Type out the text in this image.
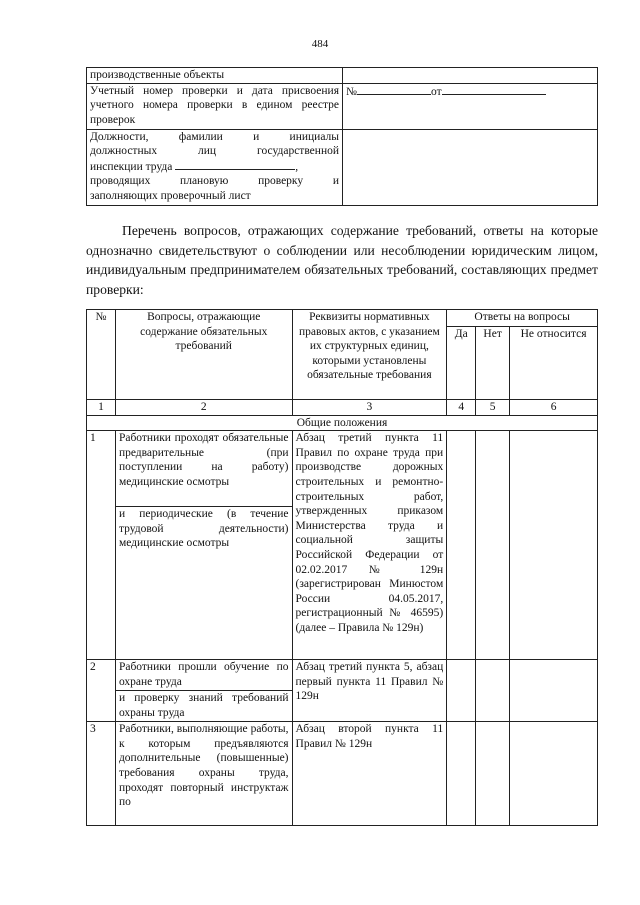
484
производственные объекты	
Учетный номер проверки и дата присвоения учетного номера проверки в едином реестре проверок	№ от

Должности, фамилии и инициалы
должностных лиц государственной
инспекции труда ,
проводящих плановую проверку и
заполняющих проверочный лист	

Перечень вопросов, отражающих содержание требований, ответы на которые однозначно свидетельствуют о соблюдении или несоблюдении юридическим лицом, индивидуальным предпринимателем обязательных требований, составляющих предмет проверки:
№	Вопросы, отражающие содержание обязательных требований	Реквизиты нормативных правовых актов, с указанием их структурных единиц, которыми установлены обязательные требования	Ответы на вопросы		
			Да	Нет	Не относится
1	2	3	4	5	6
Общие положения					
1	Работники проходят обязательные предварительные (при поступлении на работу) медицинские осмотры	Абзац третий пункта 11 Правил по охране труда при производстве дорожных строительных и ремонтно-строительных работ, утвержденных приказом Министерства труда и социальной защиты Российской Федерации от 02.02.2017 № 129н (зарегистрирован Минюстом России 04.05.2017, регистрационный № 46595) (далее – Правила № 129н)			
	и периодические (в течение трудовой деятельности) медицинские осмотры				
2	Работники прошли обучение по охране труда	Абзац третий пункта 5, абзац первый пункта 11 Правил № 129н			
	и проверку знаний требований охраны труда				
3	Работники, выполняющие работы, к которым предъявляются дополнительные (повышенные) требования охраны труда, проходят повторный инструктаж по	Абзац второй пункта 11 Правил № 129н			
